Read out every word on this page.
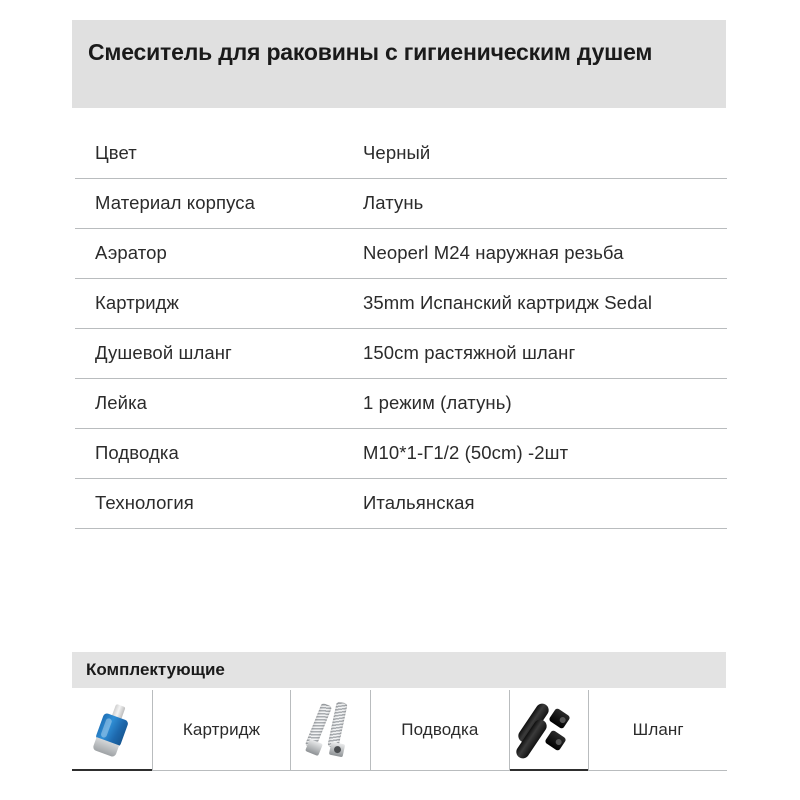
Смеситель для раковины с гигиеническим душем
Цвет	Черный
Материал корпуса	Латунь
Аэратор	Neoperl M24 наружная резьба
Картридж	35mm Испанский картридж Sedal
Душевой шланг	150cm растяжной шланг
Лейка	1 режим (латунь)
Подводка	M10*1-Г1/2 (50cm) -2шт
Технология	Итальянская
Комплектующие
Картридж	Подводка	Шланг
